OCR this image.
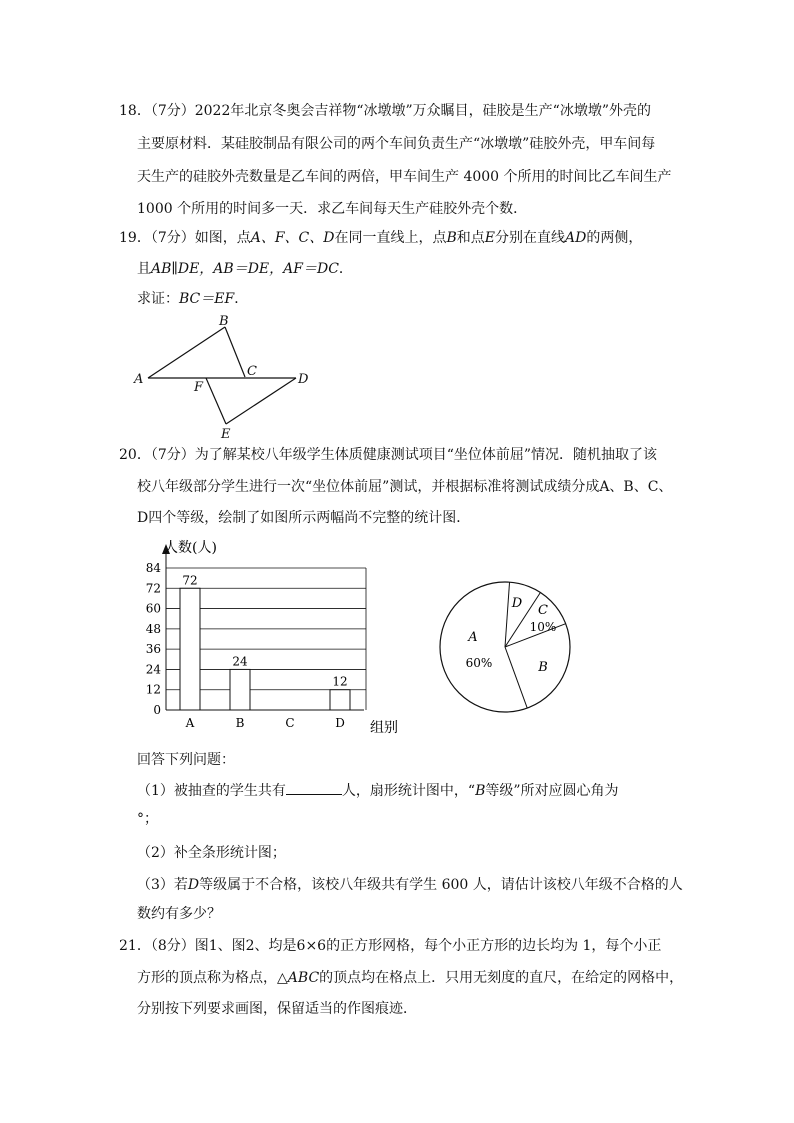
18．（7分）2022年北京冬奥会吉祥物“冰墩墩”万众瞩目，硅胶是生产“冰墩墩”外壳的
主要原材料．某硅胶制品有限公司的两个车间负责生产“冰墩墩”硅胶外壳，甲车间每
天生产的硅胶外壳数量是乙车间的两倍，甲车间生产 4000 个所用的时间比乙车间生产
1000 个所用的时间多一天．求乙车间每天生产硅胶外壳个数．
19．（7分）如图，点A、F、C、D在同一直线上，点B和点E分别在直线AD的两侧，
且AB∥DE，AB＝DE，AF＝DC．
求证：BC＝EF．
A
B
C
D
E
F
20．（7分）为了解某校八年级学生体质健康测试项目“坐位体前屈”情况．随机抽取了该
校八年级部分学生进行一次“坐位体前屈”测试，并根据标准将测试成绩分成A、B、C、
D四个等级，绘制了如图所示两幅尚不完整的统计图．
0
12
24
36
48
60
72
84
A	B	C	D
72
24
12
人数(人)
组别
A
60%	B
C
10%
D
回答下列问题：
（1）被抽查的学生共有	人，扇形统计图中，“B等级”所对应圆心角为
°；
（2）补全条形统计图；
（3）若D等级属于不合格，该校八年级共有学生 600 人，请估计该校八年级不合格的人
数约有多少？
21．（8分）图1、图2、均是6×6的正方形网格，每个小正方形的边长均为 1，每个小正
方形的顶点称为格点，△ABC的顶点均在格点上．只用无刻度的直尺，在给定的网格中，
分别按下列要求画图，保留适当的作图痕迹．
